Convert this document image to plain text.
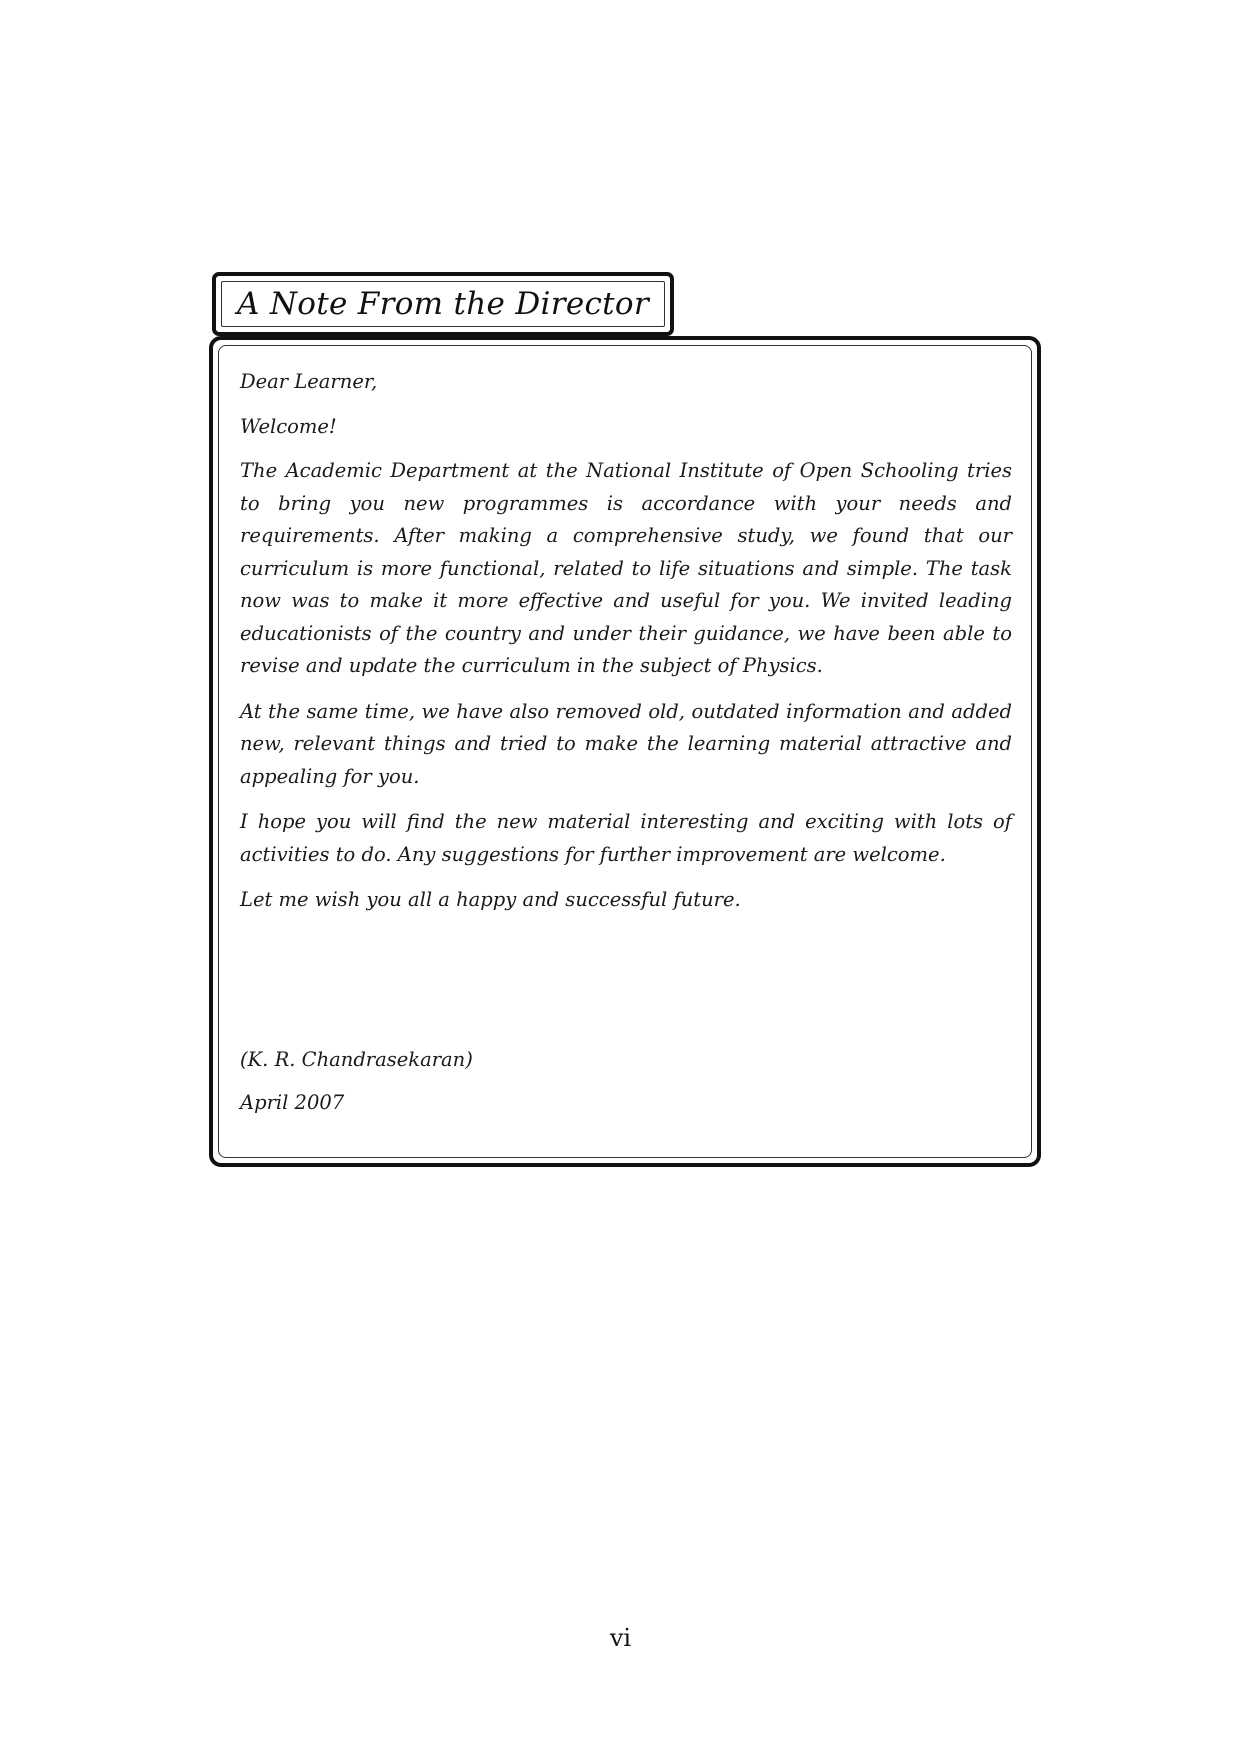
A Note From the Director

Dear Learner,

Welcome!

The Academic Department at the National Institute of Open Schooling tries to bring you new programmes is accordance with your needs and requirements. After making a comprehensive study, we found that our curriculum is more functional, related to life situations and simple. The task now was to make it more effective and useful for you. We invited leading educationists of the country and under their guidance, we have been able to revise and update the curriculum in the subject of Physics.

At the same time, we have also removed old, outdated information and added new, relevant things and tried to make the learning material attractive and appealing for you.

I hope you will find the new material interesting and exciting with lots of activities to do. Any suggestions for further improvement are welcome.

Let me wish you all a happy and successful future.

(K. R. Chandrasekaran)
April 2007
vi
